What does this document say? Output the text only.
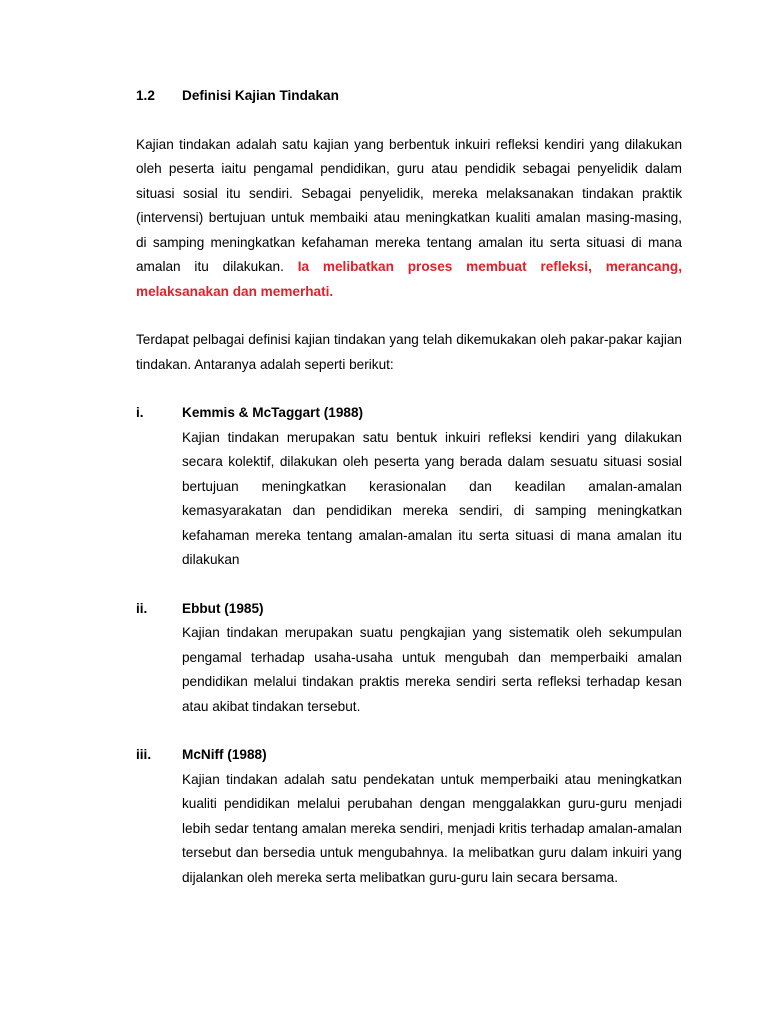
1.2	Definisi Kajian Tindakan

Kajian tindakan adalah satu kajian yang berbentuk inkuiri refleksi kendiri yang dilakukan oleh peserta iaitu pengamal pendidikan, guru atau pendidik sebagai penyelidik dalam situasi sosial itu sendiri. Sebagai penyelidik, mereka melaksanakan tindakan praktik (intervensi) bertujuan untuk membaiki atau meningkatkan kualiti amalan masing-masing, di samping meningkatkan kefahaman mereka tentang amalan itu serta situasi di mana amalan itu dilakukan. Ia melibatkan proses membuat refleksi, merancang, melaksanakan dan memerhati.

Terdapat pelbagai definisi kajian tindakan yang telah dikemukakan oleh pakar-pakar kajian tindakan. Antaranya adalah seperti berikut:

i.	Kemmis & McTaggart (1988)

Kajian tindakan merupakan satu bentuk inkuiri refleksi kendiri yang dilakukan secara kolektif, dilakukan oleh peserta yang berada dalam sesuatu situasi sosial bertujuan meningkatkan kerasionalan dan keadilan amalan-amalan kemasyarakatan dan pendidikan mereka sendiri, di samping meningkatkan kefahaman mereka tentang amalan-amalan itu serta situasi di mana amalan itu dilakukan

ii.	Ebbut (1985)

Kajian tindakan merupakan suatu pengkajian yang sistematik oleh sekumpulan pengamal terhadap usaha-usaha untuk mengubah dan memperbaiki amalan pendidikan melalui tindakan praktis mereka sendiri serta refleksi terhadap kesan atau akibat tindakan tersebut.

iii.	McNiff (1988)

Kajian tindakan adalah satu pendekatan untuk memperbaiki atau meningkatkan kualiti pendidikan melalui perubahan dengan menggalakkan guru-guru menjadi lebih sedar tentang amalan mereka sendiri, menjadi kritis terhadap amalan-amalan tersebut dan bersedia untuk mengubahnya. Ia melibatkan guru dalam inkuiri yang dijalankan oleh mereka serta melibatkan guru-guru lain secara bersama.
